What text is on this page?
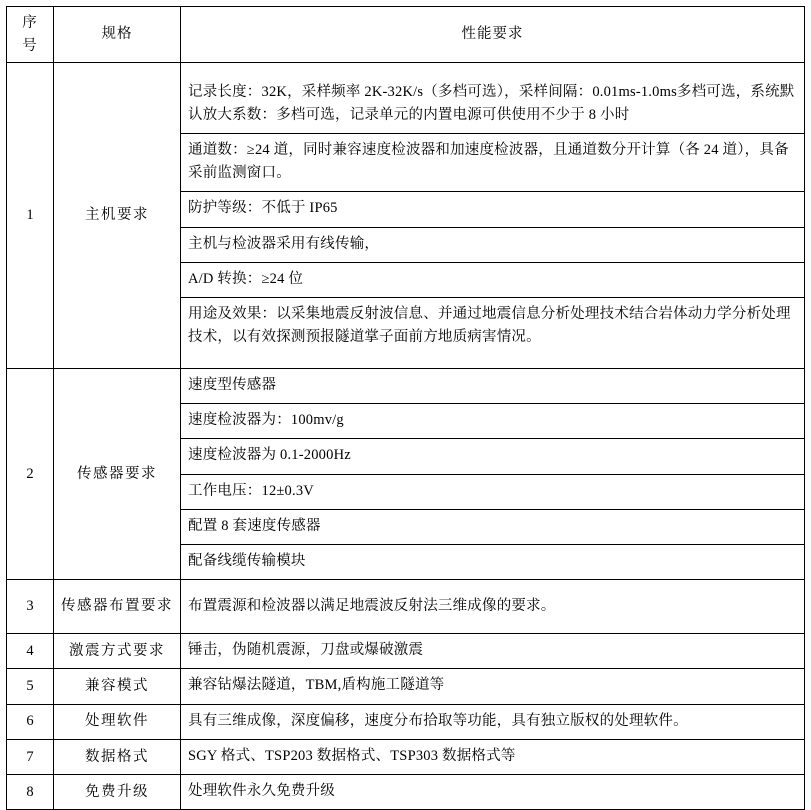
序
号
	规格	性能要求
1	主机要求	
记录长度：32K，采样频率 2K-32K/s（多档可选），采样间隔：0.01ms-1.0ms多档可选，系统默认放大系数：多档可选，记录单元的内置电源可供使用不少于 8 小时
通道数：≥24 道，同时兼容速度检波器和加速度检波器，且通道数分开计算（各 24 道），具备采前监测窗口。
防护等级：不低于 IP65
主机与检波器采用有线传输，
A/D 转换：≥24 位
用途及效果：以采集地震反射波信息、并通过地震信息分析处理技术结合岩体动力学分析处理技术，以有效探测预报隧道掌子面前方地质病害情况。

2	传感器要求	
速度型传感器
速度检波器为：100mv/g
速度检波器为 0.1-2000Hz
工作电压：12±0.3V
配置 8 套速度传感器
配备线缆传输模块

3	传感器布置要求	布置震源和检波器以满足地震波反射法三维成像的要求。

4	激震方式要求	锤击，伪随机震源，刀盘或爆破激震

5	兼容模式	兼容钻爆法隧道，TBM,盾构施工隧道等

6	处理软件	具有三维成像，深度偏移，速度分布拾取等功能，具有独立版权的处理软件。

7	数据格式	SGY 格式、TSP203 数据格式、TSP303 数据格式等

8	免费升级	处理软件永久免费升级
